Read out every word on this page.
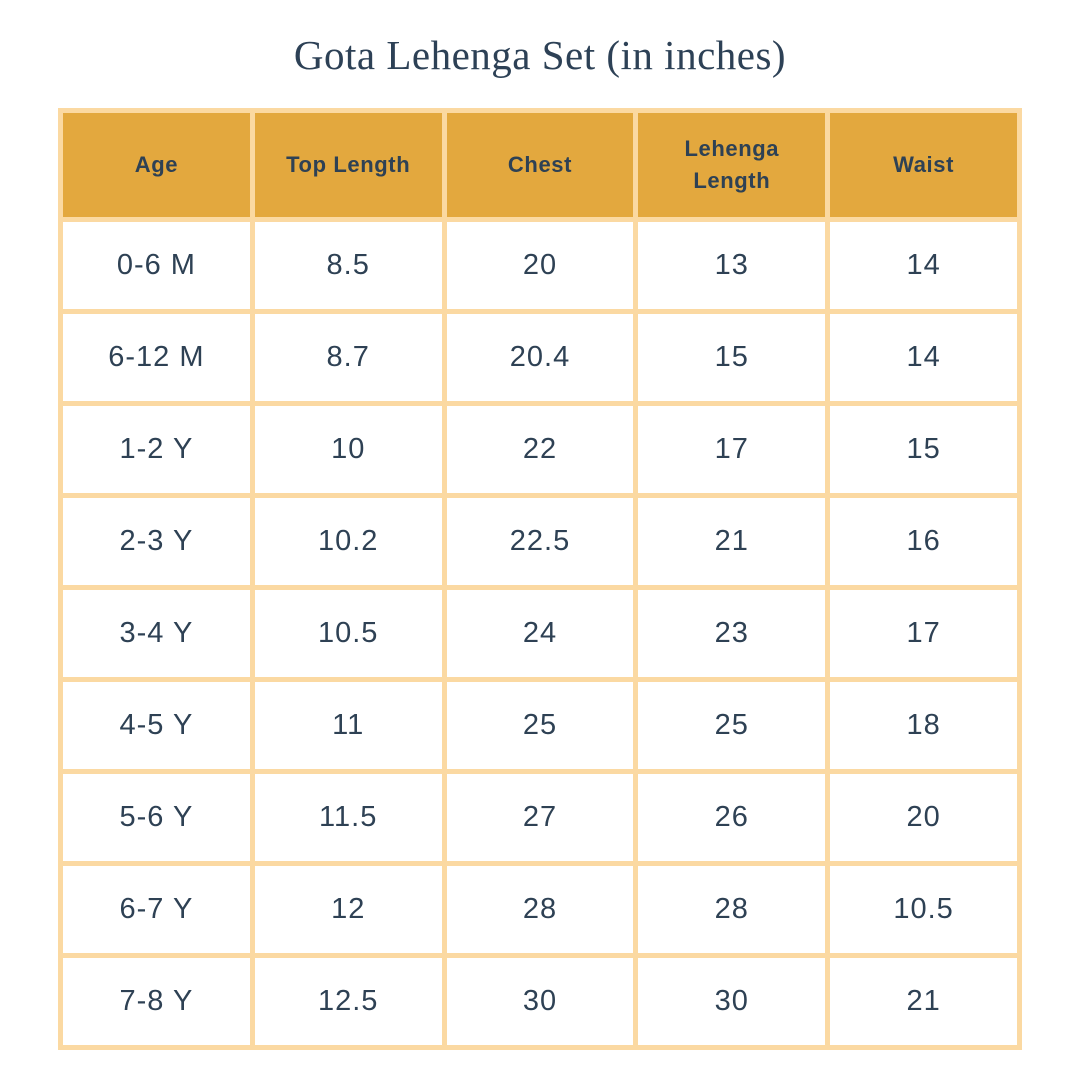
Gota Lehenga Set (in inches)
Age	Top Length	Chest	Lehenga Length	Waist
0-6 M	8.5	20	13	14
6-12 M	8.7	20.4	15	14
1-2 Y	10	22	17	15
2-3 Y	10.2	22.5	21	16
3-4 Y	10.5	24	23	17
4-5 Y	11	25	25	18
5-6 Y	11.5	27	26	20
6-7 Y	12	28	28	10.5
7-8 Y	12.5	30	30	21
